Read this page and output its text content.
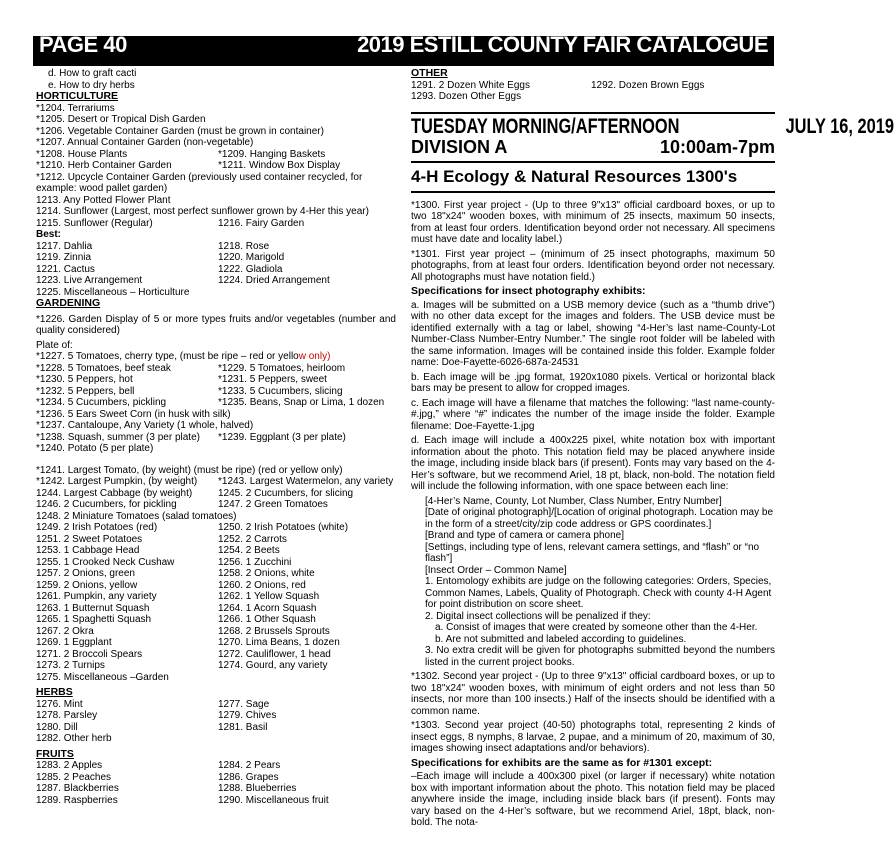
PAGE 40	2019 ESTILL COUNTY FAIR CATALOGUE
d. How to graft cacti
e. How to dry herbs
HORTICULTURE
*1204. Terrariums
*1205. Desert or Tropical Dish Garden
*1206. Vegetable Container Garden (must be grown in container)
*1207. Annual Container Garden (non-vegetable)
*1208. House Plants	*1209. Hanging Baskets
*1210. Herb Container Garden	*1211. Window Box Display
*1212. Upcycle Container Garden (previously used container recycled, for example: wood pallet garden)
1213. Any Potted Flower Plant
1214. Sunflower (Largest, most perfect sunflower grown by 4-Her this year)
1215. Sunflower (Regular)	1216. Fairy Garden
Best:
1217. Dahlia	1218. Rose
1219. Zinnia	1220. Marigold
1221. Cactus	1222. Gladiola
1223. Live Arrangement	1224. Dried Arrangement
1225. Miscellaneous – Horticulture
GARDENING
*1226. Garden Display of 5 or more types fruits and/or vegetables (number and quality considered)
Plate of:
*1227. 5 Tomatoes, cherry type, (must be ripe – red or yellow only)
*1228. 5 Tomatoes, beef steak	*1229. 5 Tomatoes, heirloom
*1230. 5 Peppers, hot	*1231. 5 Peppers, sweet
*1232. 5 Peppers, bell	*1233. 5 Cucumbers, slicing
*1234. 5 Cucumbers, pickling	*1235. Beans, Snap or Lima, 1 dozen
*1236. 5 Ears Sweet Corn (in husk with silk)
*1237. Cantaloupe, Any Variety (1 whole, halved)
*1238. Squash, summer (3 per plate)	*1239. Eggplant (3 per plate)
*1240. Potato (5 per plate)
*1241. Largest Tomato, (by weight) (must be ripe) (red or yellow only)
*1242. Largest Pumpkin, (by weight)	*1243. Largest Watermelon, any variety
1244. Largest Cabbage (by weight)	1245. 2 Cucumbers, for slicing
1246. 2 Cucumbers, for pickling	1247. 2 Green Tomatoes
1248. 2 Miniature Tomatoes (salad tomatoes)
1249. 2 Irish Potatoes (red)	1250. 2 Irish Potatoes (white)
1251. 2 Sweet Potatoes	1252. 2 Carrots
1253. 1 Cabbage Head	1254. 2 Beets
1255. 1 Crooked Neck Cushaw	1256. 1 Zucchini
1257. 2 Onions, green	1258. 2 Onions, white
1259. 2 Onions, yellow	1260. 2 Onions, red
1261. Pumpkin, any variety	1262. 1 Yellow Squash
1263. 1 Butternut Squash	1264. 1 Acorn Squash
1265. 1 Spaghetti Squash	1266. 1 Other Squash
1267. 2 Okra	1268. 2 Brussels Sprouts
1269. 1 Eggplant	1270. Lima Beans, 1 dozen
1271. 2 Broccoli Spears	1272. Cauliflower, 1 head
1273. 2 Turnips	1274. Gourd, any variety
1275. Miscellaneous –Garden
HERBS
1276. Mint	1277. Sage
1278. Parsley	1279. Chives
1280. Dill	1281. Basil
1282. Other herb
FRUITS
1283. 2 Apples	1284. 2 Pears
1285. 2 Peaches	1286. Grapes
1287. Blackberries	1288. Blueberries
1289. Raspberries	1290. Miscellaneous fruit
OTHER
1291. 2 Dozen White Eggs	1292. Dozen Brown Eggs
1293. Dozen Other Eggs
TUESDAY MORNING/AFTERNOON	JULY 16, 2019
DIVISION A	10:00am-7pm
4-H Ecology & Natural Resources 1300's
*1300. First year project - (Up to three 9"x13" official cardboard boxes, or up to two 18"x24" wooden boxes, with minimum of 25 insects, maximum 50 insects, from at least four orders. Identification beyond order not necessary. All specimens must have date and locality label.)
*1301. First year project – (minimum of 25 insect photographs, maximum 50 photographs, from at least four orders. Identification beyond order not necessary. All photographs must have notation field.)
Specifications for insect photography exhibits:
a. Images will be submitted on a USB memory device (such as a “thumb drive”) with no other data except for the images and folders. The USB device must be identified externally with a tag or label, showing “4-Her’s last name-County-Lot Number-Class Number-Entry Number.” The single root folder will be labeled with the same information. Images will be contained inside this folder. Example folder name: Doe-Fayette-6026-687a-24531
b. Each image will be .jpg format, 1920x1080 pixels. Vertical or horizontal black bars may be present to allow for cropped images.
c. Each image will have a filename that matches the following: “last name-county-#.jpg,” where “#” indicates the number of the image inside the folder. Example filename: Doe-Fayette-1.jpg
d. Each image will include a 400x225 pixel, white notation box with important information about the photo. This notation field may be placed anywhere inside the image, including inside black bars (if present). Fonts may vary based on the 4-Her’s software, but we recommend Ariel, 18 pt, black, non-bold. The notation field will include the following information, with one space between each line:
[4-Her’s Name, County, Lot Number, Class Number, Entry Number]
[Date of original photograph]/[Location of original photograph. Location may be in the form of a street/city/zip code address or GPS coordinates.]
[Brand and type of camera or camera phone]
[Settings, including type of lens, relevant camera settings, and “flash” or “no flash”]
[Insect Order – Common Name]
1. Entomology exhibits are judge on the following categories: Orders, Species, Common Names, Labels, Quality of Photograph. Check with county 4-H Agent for point distribution on score sheet.
2. Digital insect collections will be penalized if they:
a. Consist of images that were created by someone other than the 4-Her.
b. Are not submitted and labeled according to guidelines.
3. No extra credit will be given for photographs submitted beyond the numbers listed in the current project books.
*1302. Second year project - (Up to three 9"x13" official cardboard boxes, or up to two 18"x24" wooden boxes, with minimum of eight orders and not less than 50 insects, nor more than 100 insects.) Half of the insects should be identified with a common name.
*1303. Second year project (40-50) photographs total, representing 2 kinds of insect eggs, 8 nymphs, 8 larvae, 2 pupae, and a minimum of 20, maximum of 30, images showing insect adaptations and/or behaviors).
Specifications for exhibits are the same as for #1301 except:
–Each image will include a 400x300 pixel (or larger if necessary) white notation box with important information about the photo. This notation field may be placed anywhere inside the image, including inside black bars (if present). Fonts may vary based on the 4-Her’s software, but we recommend Ariel, 18pt, black, non-bold. The nota-
